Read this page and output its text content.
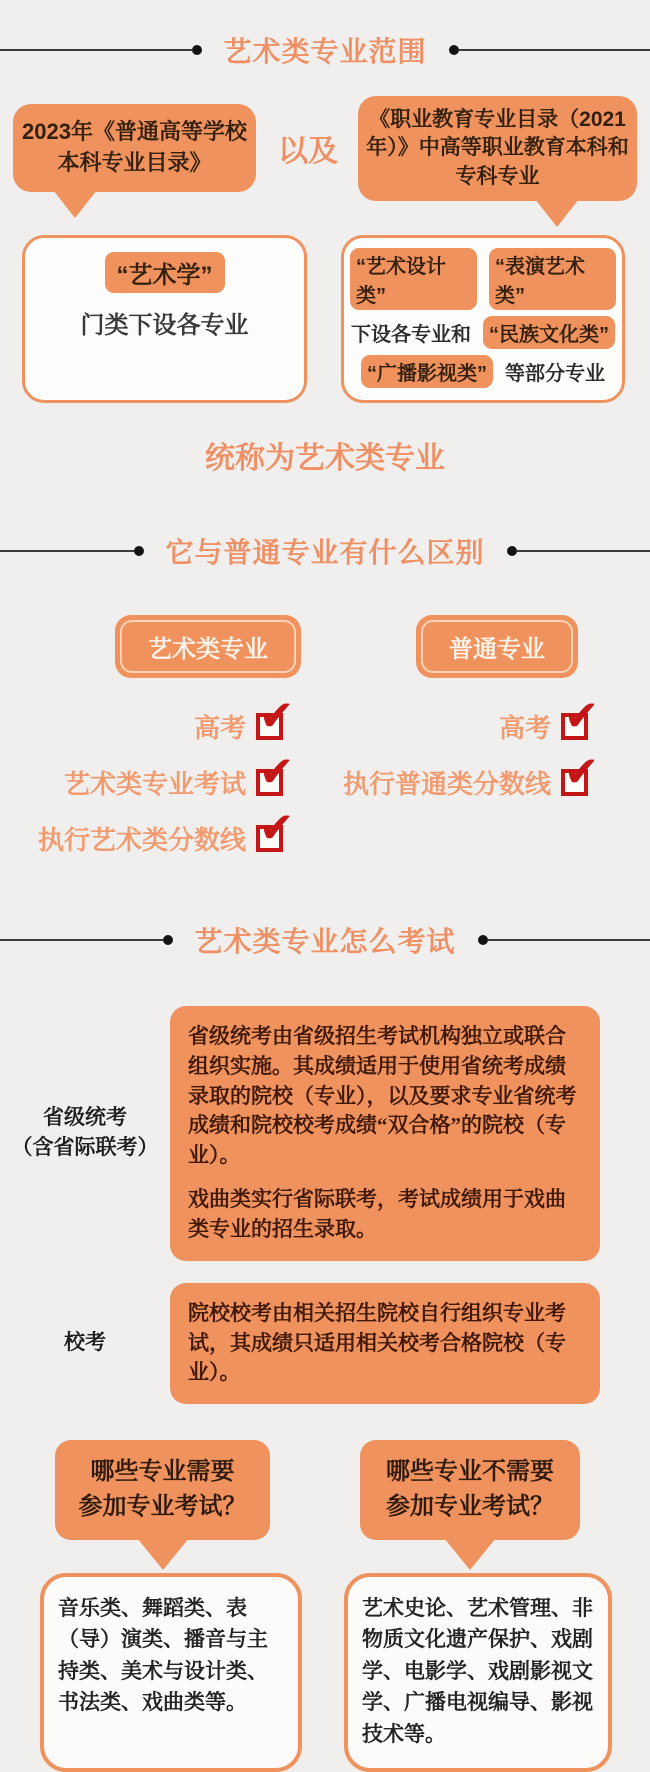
艺术类专业范围
2023年《普通高等学校本科专业目录》	以及
《职业教育专业目录（2021年）》中高等职业教育本科和专科专业
“艺术学”
门类下设各专业
“艺术设计类”
“表演艺术类”
下设各专业和 “民族文化类”
“广播影视类” 等部分专业
统称为艺术类专业
它与普通专业有什么区别
艺术类专业	普通专业
高考 ✔
艺术类专业考试 ✔
执行艺术类分数线 ✔
高考 ✔
执行普通类分数线 ✔
艺术类专业怎么考试
省级统考
（含省际联考）

省级统考由省级招生考试机构独立或联合组织实施。其成绩适用于使用省统考成绩录取的院校（专业），以及要求专业省统考成绩和院校校考成绩“双合格”的院校（专业）。

戏曲类实行省际联考，考试成绩用于戏曲类专业的招生录取。

校考

院校校考由相关招生院校自行组织专业考试，其成绩只适用相关校考合格院校（专业）。

哪些专业需要
参加专业考试？
哪些专业不需要
参加专业考试？

音乐类、舞蹈类、表（导）演类、播音与主持类、美术与设计类、书法类、戏曲类等。

艺术史论、艺术管理、非物质文化遗产保护、戏剧学、电影学、戏剧影视文学、广播电视编导、影视技术等。
